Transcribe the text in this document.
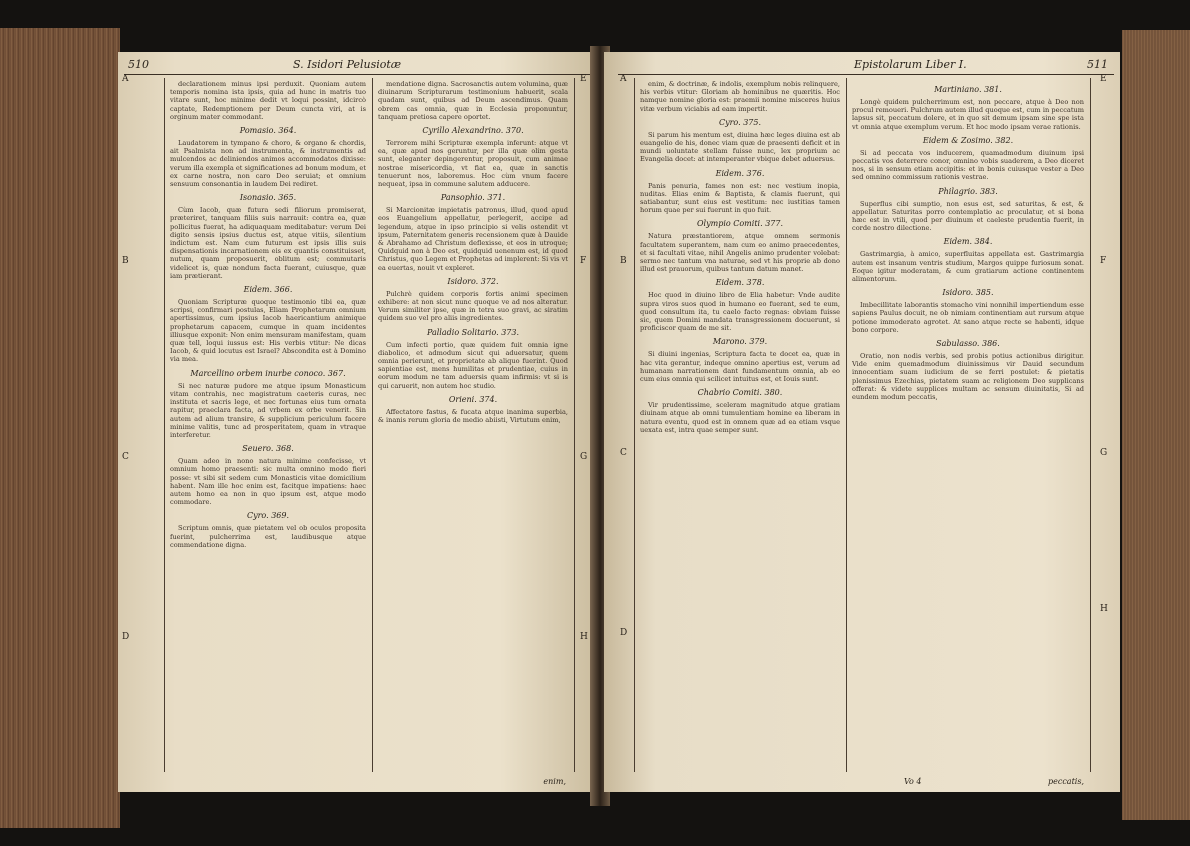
510	S. Isidori Pelusiotæ
A
B
C
D
E
F
G
H

declarationem minus ipsi perduxit. Quoniam autem temporis nomina ista ipsis, quia ad hunc in matris tuo vitare sunt, hoc minime dedit vt loqui possint, idcircò captate, Redemptionem per Deum cuncta viri, at is orginum mater commodant.

Pomasio. 364.

Laudatorem in tympano & choro, & organo & chordis, ait Psalmista non ad instrumenta, & instrumentis ad mulcendos ac deliniendos animos accommodatos dixisse: verum illa exempla et significationes ad bonum modum, et ex carne nostra, non caro Deo seruiat; et omnium sensuum consonantia in laudem Dei rediret.

Isonasio. 365.

Cùm Iacob, quæ futura sedi filiorum promiserat, præteriret, tanquam filiis suis narrauit: contra ea, quæ pollicitus fuerat, ha adiquaquam meditabatur: verum Dei digito sensis ipsius ductus est, atque vitiis, silentium indictum est. Nam cum futurum est ipsis illis suis dispensationis incarnationem eis ex quantis constituisset, nutum, quam proposuerit, oblitum est; commutaris videlicet is, quæ nondum facta fuerant, cuiusque, quæ iam prætierant.

Eidem. 366.

Quoniam Scripturæ quoque testimonio tibi ea, quæ scripsi, confirmari postulas, Eliam Prophetarum omnium apertissimus, cum ipsius Iacob haericantium animique prophetarum capacem, cumque in quam incidentes illiusque exponit: Non enim mensuram manifestam, quam quæ tell, loqui iussus est: His verbis vtitur: Ne dicas Iacob, & quid locutus est Israel? Abscondita est à Domino via mea.

Marcellino orbem inurbe conoco. 367.

Si nec naturæ pudore me atque ipsum Monasticum vitam contrahis, nec magistratum caeteris curas, nec instituta et sacris lege, et nec fortunas eius tum ornata rapitur, praeclara facta, ad vrbem ex orbe venerit. Sin autem ad alium transire, & supplicium periculum facere minime valitis, tunc ad prosperitatem, quam in vtraque interferetur.

Seuero. 368.

Quam adeo in nono natura minime confecisse, vt omnium homo praesenti: sic multa omnino modo fieri posse: vt sibi sit sedem cum Monasticis vitae domicilium habent. Nam ille hoc enim est, facitque impatiens: haec autem homo ea non in quo ipsum est, atque modo commodare.

Cyro. 369.

Scriptum omnis, quæ pietatem vel ob oculos proposita fuerint, pulcherrima est, laudibusque atque commendatione digna.

mendatione digna. Sacrosanctis autem volumina, quæ diuinarum Scripturarum testimonium habuerit, scala quadam sunt, quibus ad Deum ascendimus. Quam obrem cas omnia, quæ in Ecclesia proponuntur, tanquam pretiosa capere oportet.

Cyrillo Alexandrino. 370.

Terrorem mihi Scripturæ exempla inferunt: atque vt ea, quæ apud nos geruntur, per illa quæ olim gesta sunt, eleganter depingerentur, proposuit, cum animae nostrae misericordia, vt fiat ea, quæ in sanctis tenuerunt nos, laboremus. Hoc cùm vnum facere nequeat, ipsa in commune salutem adducere.

Pansophio. 371.

Si Marcionitæ impietatis patronus, illud, quod apud eos Euangelium appellatur, perlegerit, accipe ad legendum, atque in ipso principio si velis ostendit vt ipsum, Paternitatem generis recensionem quæ à Dauide & Abrahamo ad Christum deflexisse, et eos in utroque; Quidquid non à Deo est, quidquid uenenum est, id quod Christus, quo Legem et Prophetas ad implerent: Si vis vt ea euertas, nouit vt expleret.

Isidoro. 372.

Pulchrè quidem corporis fortis animi specimen exhibere: at non sicut nunc quoque ve ad nos alteratur. Verum similiter ipse, quæ in tetra suo gravi, ac siratim quidem suo vel pro aliis ingredientes.

Palladio Solitario. 373.

Cum infecti portio, quæ quidem fuit omnia igne diabolico, et admodum sicut qui aduersatur, quem omnia perierunt, et proprietate ab aliquo fuerint. Quod sapientiae est, mens humilitas et prudentiae, cuius in eorum modum ne tam aduersis quam infirmis: vt si is qui caruerit, non autem hoc studio.

Orieni. 374.

Affectatore fastus, & fucata atque inanima superbia, & inanis rerum gloria de medio abiisti, Virtutum enim,

enim,
Epistolarum Liber I.	511
A
B
C
D
E
F
G
H

enim, & doctrinæ, & indolis, exemplum nobis relinquere, his verbis vtitur: Gloriam ab hominibus ne quæritis. Hoc namque nomine gloria est: praemii nomine misceres huius vitæ verbum viciabis ad eam impertit.

Cyro. 375.

Si parum his mentum est, diuina hæc leges diuina est ab euangelio de his, donec viam quæ de praesenti deficit et in mundi uoluntate stellam fuisse nunc, lex proprium ac Evangelia docet: at intemperanter vbique debet aduersus.

Eidem. 376.

Panis penuria, fames non est: nec vestium inopia, nuditas. Elias enim & Baptista, & clamis fuerunt, qui satiabantur, sunt eius est vestitum: nec iustitias tamen horum quae per sui fuerunt in quo fuit.

Olympio Comiti. 377.

Natura præstantiorem, atque omnem sermonis facultatem superantem, nam cum eo animo praecedentes, et si facultati vitae, nihil Angelis animo prudenter volebat: sermo nec tantum vna naturae, sed vt his proprie ab dono illud est prauorum, quibus tantum datum manet.

Eidem. 378.

Hoc quod in diuino libro de Elia habetur: Vnde audite supra viros suos quod in humano eo fuerant, sed te eum, quod consultum ita, tu caelo facto regnas: obviam fuisse sic, quem Domini mandata transgressionem docuerunt, si proficiscor quam de me sit.

Marono. 379.

Si diuini ingenias, Scriptura facta te docet ea, quæ in hac vita gerantur, indeque omnino apertius est, verum ad humanam narrationem dant fundamentum omnia, ab eo cum eius omnia qui scilicet intuitus est, et Iouis sunt.

Chabrio Comiti. 380.

Vir prudentissime, sceleram magnitudo atque gratiam diuinam atque ab omni tumulentiam homine ea liberam in natura eventu, quod est in omnem quæ ad ea etiam vsque uexata est, intra quae semper sunt.

Martiniano. 381.

Longè quidem pulcherrimum est, non peccare, atque à Deo non procul remoueri. Pulchrum autem illud quoque est, cum in peccatum lapsus sit, peccatum dolere, et in quo sit demum ipsam sine spe ista vt omnia atque exemplum verum. Et hoc modo ipsam verae rationis.

Eidem & Zosimo. 382.

Si ad peccata vos inducerem, quamadmodum diuinum ipsi peccatis vos deterrere conor, omnino vobis suaderem, a Deo diceret nos, si in sensum etiam accipitis: et in bonis cuiusque vester a Deo sed omnino commissum rationis vestrae.

Philagrio. 383.

Superflus cibi sumptio, non esus est, sed saturitas, & est, & appellatur. Saturitas porro contemplatio ac proculatur, et si bona hæc est in vtili, quod per diuinum et caeleste prudentia fuerit, in corde nostro dilectione.

Eidem. 384.

Gastrimargia, à amico, superfluitas appellata est. Gastrimargia autem est insanum ventris studium, Margos quippe furiosum sonat. Eoque igitur moderatam, & cum gratiarum actione continentem alimentorum.

Isidoro. 385.

Imbecillitate laborantis stomacho vini nonnihil impertiendum esse sapiens Paulus docuit, ne ob nimiam continentiam aut rursum atque potione immoderato agrotet. At sano atque recte se habenti, idque bono corpore.

Sabulasso. 386.

Oratio, non nodis verbis, sed probis potius actionibus dirigitur. Vide enim quemadmodum diuinissimus vir Dauid secundum innocentiam suam iudicium de se ferri postulet: & pietatis plenissimus Ezechias, pietatem suam ac religionem Deo supplicans offerat: & videte supplices multam ac sensum diuinitatis, Si ad eundem modum peccatis,

Vo 4	peccatis,
